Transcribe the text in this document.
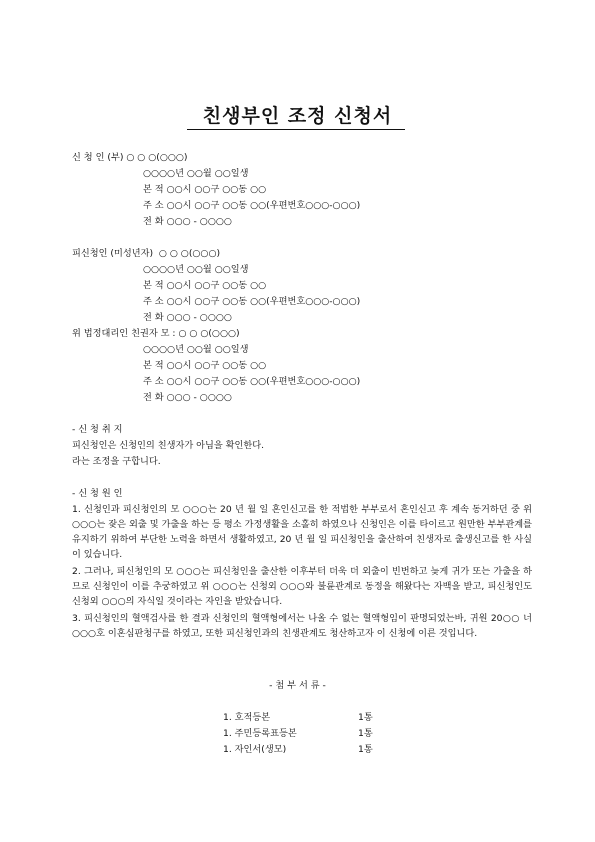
친생부인 조정 신청서
신 청 인 (부) ○ ○ ○(○○○)
○○○○년 ○○월 ○○일생
본 적 ○○시 ○○구 ○○동 ○○
주 소 ○○시 ○○구 ○○동 ○○(우편번호○○○-○○○)
전 화 ○○○ - ○○○○
피신청인 (미성년자)  ○ ○ ○(○○○)
○○○○년 ○○월 ○○일생
본 적 ○○시 ○○구 ○○동 ○○
주 소 ○○시 ○○구 ○○동 ○○(우편번호○○○-○○○)
전 화 ○○○ - ○○○○
위 법정대리인 친권자 모 : ○ ○ ○(○○○)
○○○○년 ○○월 ○○일생
본 적 ○○시 ○○구 ○○동 ○○
주 소 ○○시 ○○구 ○○동 ○○(우편번호○○○-○○○)
전 화 ○○○ - ○○○○
- 신 청 취 지
피신청인은 신청인의 친생자가 아님을 확인한다.
라는 조정을 구합니다.
- 신 청 원 인
1. 신청인과 피신청인의 모 ○○○는 20 년 월 일 혼인신고를 한 적법한 부부로서 혼인신고 후 계속 동거하던 중 위 ○○○는 잦은 외출 및 가출을 하는 등 평소 가정생활을 소홀히 하였으나 신청인은 이를 타이르고 원만한 부부관계를 유지하기 위하여 부단한 노력을 하면서 생활하였고, 20 년 월 일 피신청인을 출산하여 친생자로 출생신고를 한 사실이 있습니다.
2. 그러나, 피신청인의 모 ○○○는 피신청인을 출산한 이후부터 더욱 더 외출이 빈번하고 늦게 귀가 또는 가출을 하므로 신청인이 이를 추궁하였고 위 ○○○는 신청외 ○○○와 불륜관계로 동정을 해왔다는 자백을 받고, 피신청인도 신청외 ○○○의 자식일 것이라는 자인을 받았습니다.
3. 피신청인의 혈액검사를 한 결과 신청인의 혈액형에서는 나올 수 없는 혈액형임이 판명되었는바, 귀원 20○○ 너○○○호 이혼심판청구를 하였고, 또한 피신청인과의 친생관계도 청산하고자 이 신청에 이른 것입니다.
- 첨 부 서 류 -
1. 호적등본	1통
1. 주민등록표등본	1통
1. 자인서(생모)	1통
